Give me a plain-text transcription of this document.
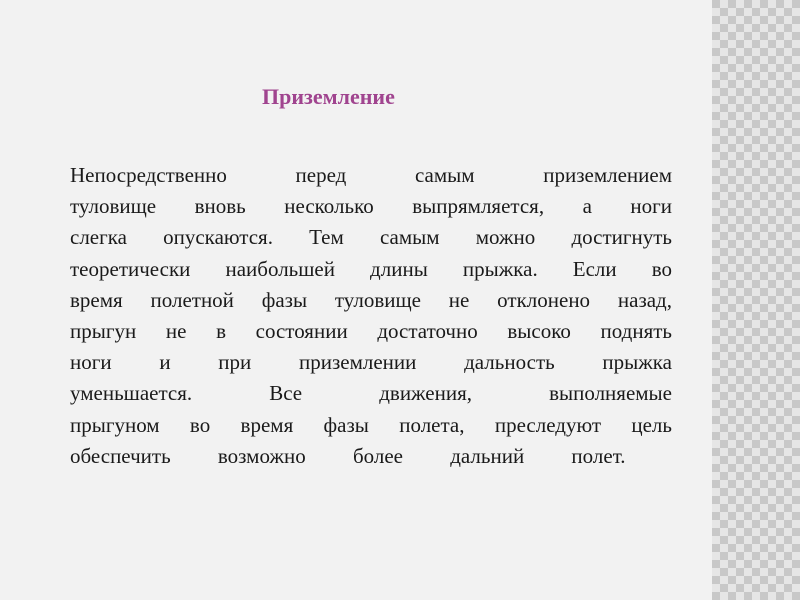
Приземление
Непосредственно перед самым приземлением
туловище вновь несколько выпрямляется, а ноги
слегка опускаются. Тем самым можно достигнуть
теоретически наибольшей длины прыжка. Если во
время полетной фазы туловище не отклонено назад,
прыгун не в состоянии достаточно высоко поднять
ноги и при приземлении дальность прыжка
уменьшается. Все движения, выполняемые
прыгуном во время фазы полета, преследуют цель
обеспечить возможно более дальний полет.
